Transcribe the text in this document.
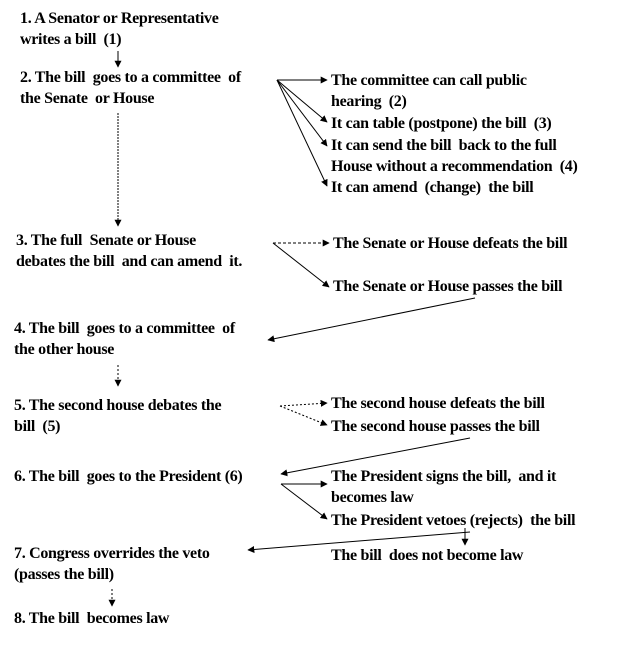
1. A Senator or Representative
writes a bill  (1)
2. The bill  goes to a committee  of
the Senate  or House
3. The full  Senate or House
debates the bill  and can amend  it.
4. The bill  goes to a committee  of
the other house
5. The second house debates the
bill  (5)
6. The bill  goes to the President (6)
7. Congress overrides the veto
(passes the bill)
8. The bill  becomes law
The committee can call public
hearing  (2)
It can table (postpone) the bill  (3)
It can send the bill  back to the full
House without a recommendation  (4)
It can amend  (change)  the bill
The Senate or House defeats the bill
The Senate or House passes the bill
The second house defeats the bill
The second house passes the bill
The President signs the bill,  and it
becomes law
The President vetoes (rejects)  the bill
The bill  does not become law
